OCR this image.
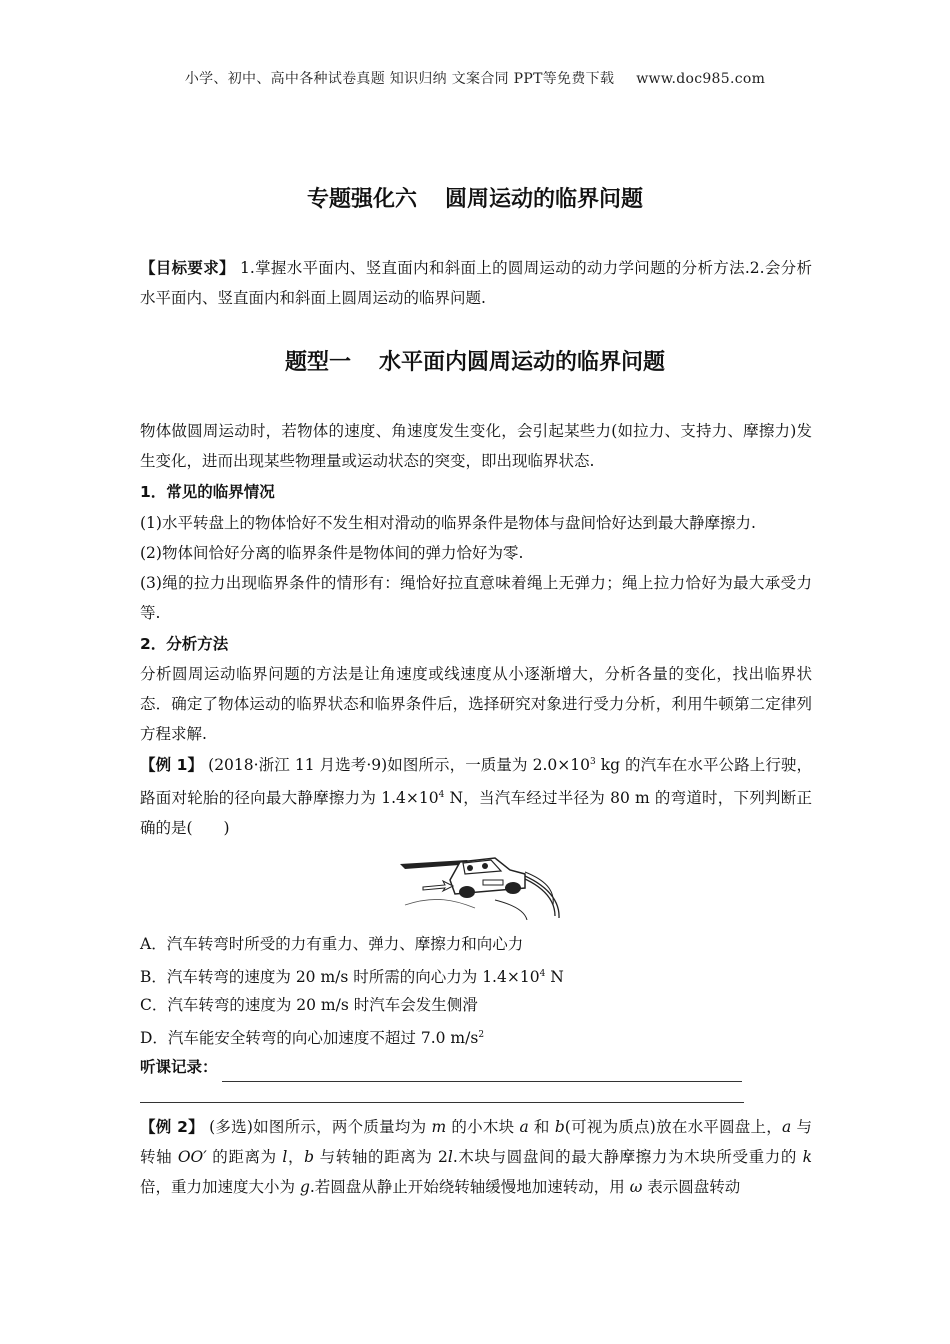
小学、初中、高中各种试卷真题 知识归纳 文案合同 PPT等免费下载 www.doc985.com
专题强化六 圆周运动的临界问题
【目标要求】 1.掌握水平面内、竖直面内和斜面上的圆周运动的动力学问题的分析方法.2.会分析水平面内、竖直面内和斜面上圆周运动的临界问题.
题型一 水平面内圆周运动的临界问题
物体做圆周运动时，若物体的速度、角速度发生变化，会引起某些力(如拉力、支持力、摩擦力)发生变化，进而出现某些物理量或运动状态的突变，即出现临界状态.
1．常见的临界情况
(1)水平转盘上的物体恰好不发生相对滑动的临界条件是物体与盘间恰好达到最大静摩擦力.
(2)物体间恰好分离的临界条件是物体间的弹力恰好为零.
(3)绳的拉力出现临界条件的情形有：绳恰好拉直意味着绳上无弹力；绳上拉力恰好为最大承受力等.
2．分析方法
分析圆周运动临界问题的方法是让角速度或线速度从小逐渐增大，分析各量的变化，找出临界状态．确定了物体运动的临界状态和临界条件后，选择研究对象进行受力分析，利用牛顿第二定律列方程求解.
【例 1】 (2018·浙江 11 月选考·9)如图所示，一质量为 $2.0\times 10^3$ kg 的汽车在水平公路上行驶，路面对轮胎的径向最大静摩擦力为 $1.4\times 10^4$ N，当汽车经过半径为 80 m 的弯道时，下列判断正确的是(　　)
A．汽车转弯时所受的力有重力、弹力、摩擦力和向心力
B．汽车转弯的速度为 20 m/s 时所需的向心力为 $1.4\times 10^4$ N
C．汽车转弯的速度为 20 m/s 时汽车会发生侧滑
D．汽车能安全转弯的向心加速度不超过 7.0 $m/s^2$
听课记录：
【例 2】 (多选)如图所示，两个质量均为 m 的小木块 a 和 b(可视为质点)放在水平圆盘上，a 与转轴 OO′ 的距离为 l，b 与转轴的距离为 2l.木块与圆盘间的最大静摩擦力为木块所受重力的 k 倍，重力加速度大小为 g.若圆盘从静止开始绕转轴缓慢地加速转动，用 ω 表示圆盘转动
